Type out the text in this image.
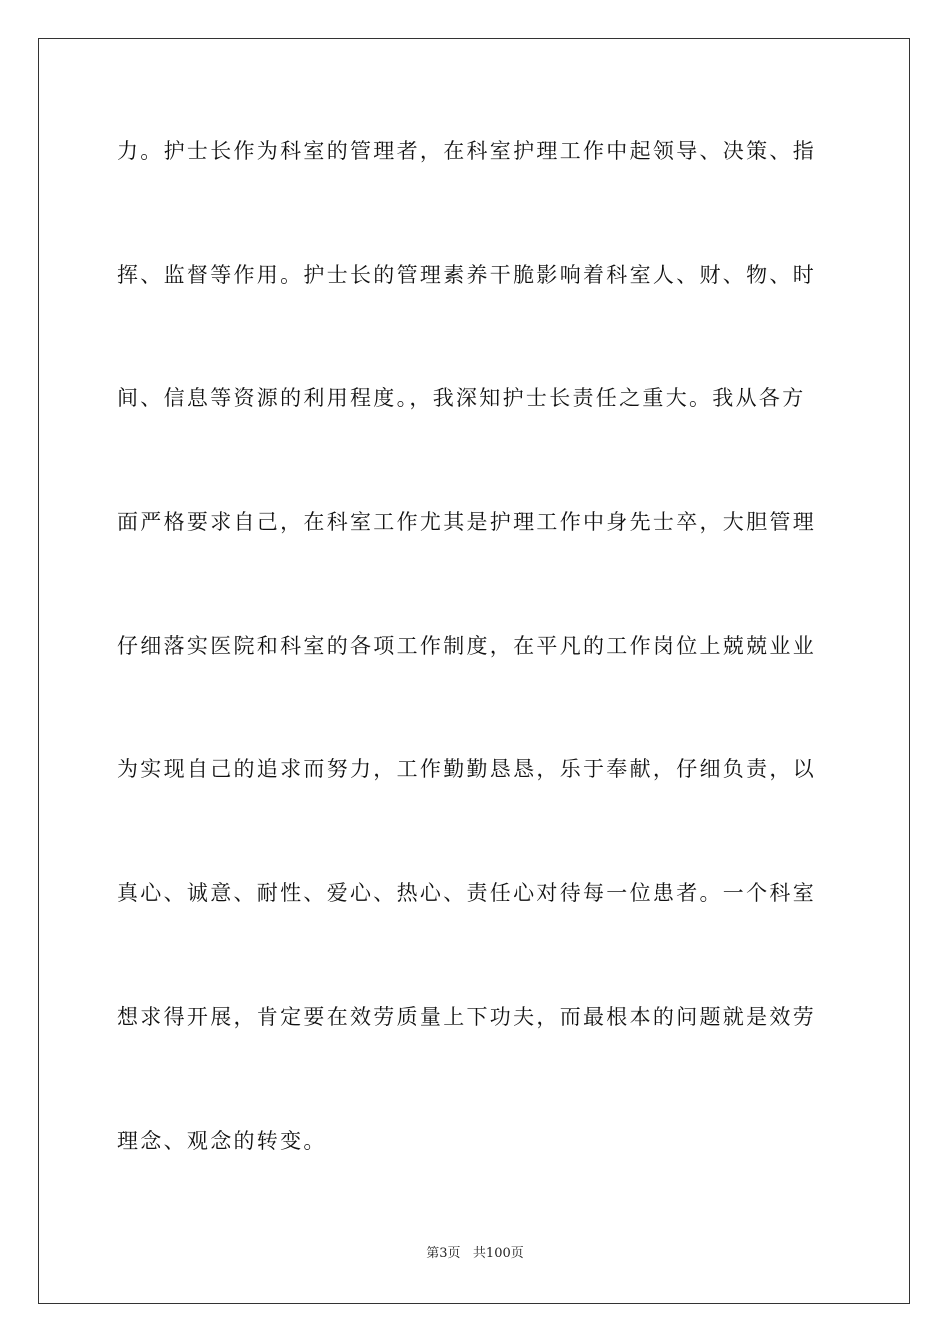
力。护士长作为科室的管理者，在科室护理工作中起领导、决策、指
挥、监督等作用。护士长的管理素养干脆影响着科室人、财、物、时
间、信息等资源的利用程度。，我深知护士长责任之重大。我从各方
面严格要求自己，在科室工作尤其是护理工作中身先士卒，大胆管理
仔细落实医院和科室的各项工作制度，在平凡的工作岗位上兢兢业业
为实现自己的追求而努力，工作勤勤恳恳，乐于奉献，仔细负责，以
真心、诚意、耐性、爱心、热心、责任心对待每一位患者。一个科室
想求得开展，肯定要在效劳质量上下功夫，而最根本的问题就是效劳
理念、观念的转变。
第3页   共100页
